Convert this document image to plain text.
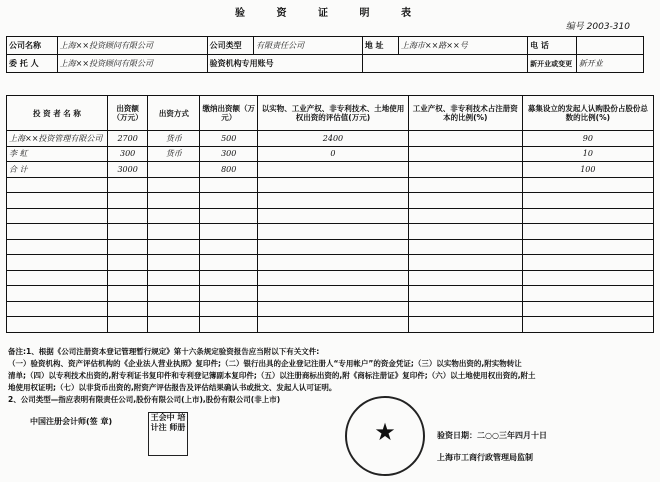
验 资 证 明 表
编号 2003-310
公司名称	上海××投资顾问有限公司	公司类型	有限责任公司	地 址	上海市××路××号	电 话	
委 托 人	上海××投资顾问有限公司	验资机构专用账号				新开业或变更	新开业
投 资 者 名 称	出资额（万元）	出资方式	缴纳出资额（万元）	以实物、工业产权、非专利技术、土地使用权出资的评估值(万元)	工业产权、非专利技术占注册资本的比例(%)	募集设立的发起人认购股份占股份总数的比例(%)
上海××投资管理有限公司	2700	货币	500	2400		90
李 虹	300	货币	300	0		10
合 计	3000		800			100

备注:1、根据《公司注册资本登记管理暂行规定》第十六条规定验资报告应当附以下有关文件:
（一）验资机构、资产评估机构的《企业法人营业执照》复印件;（二）银行出具的企业登记注册人“专用帐户”的资金凭证;（三）以实物出资的,附实物转让
清单;（四）以专利技术出资的,附专利证书复印件和专利登记簿副本复印件;（五）以注册商标出资的,附《商标注册证》复印件;（六）以土地使用权出资的,附土
地使用权证明;（七）以非货币出资的,附资产评估报告及评估结果确认书或批文、发起人认可证明。
2、公司类型—指应表明有限责任公司,股份有限公司(上市),股份有限公司(非上市)
中国注册会计师(签 章)	王会中 培计注 师册	★	验资日期：二○○三年四月十日
上海市工商行政管理局监制
